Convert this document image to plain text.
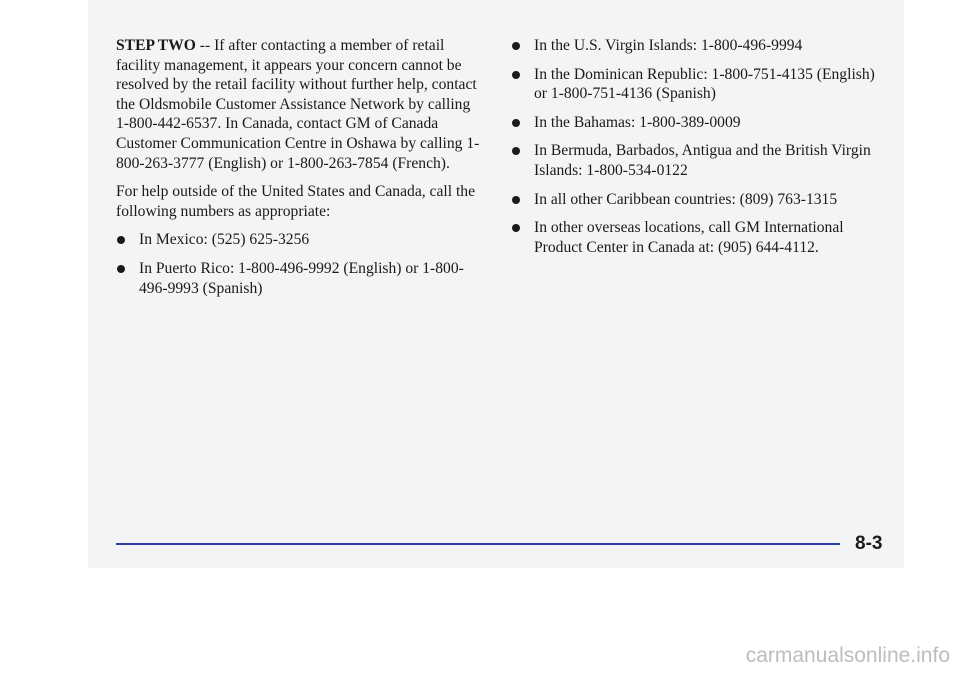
STEP TWO -- If after contacting a member of retail facility management, it appears your concern cannot be resolved by the retail facility without further help, contact the Oldsmobile Customer Assistance Network by calling 1-800-442-6537. In Canada, contact GM of Canada Customer Communication Centre in Oshawa by calling 1-800-263-3777 (English) or 1-800-263-7854 (French).

For help outside of the United States and Canada, call the following numbers as appropriate:

In Mexico: (525) 625-3256
In Puerto Rico: 1-800-496-9992 (English) or 1-800-496-9993 (Spanish)
In the U.S. Virgin Islands: 1-800-496-9994
In the Dominican Republic: 1-800-751-4135 (English) or 1-800-751-4136 (Spanish)
In the Bahamas: 1-800-389-0009
In Bermuda, Barbados, Antigua and the British Virgin Islands: 1-800-534-0122
In all other Caribbean countries: (809) 763-1315
In other overseas locations, call GM International Product Center in Canada at: (905) 644-4112.
8-3
carmanualsonline.info
